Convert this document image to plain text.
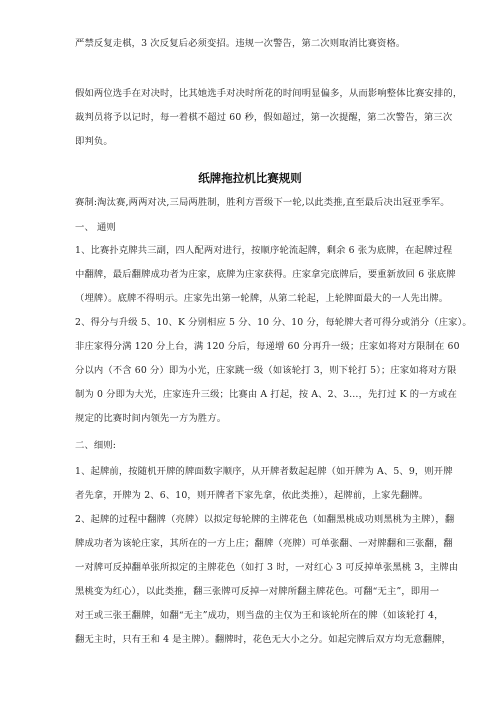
严禁反复走棋，3 次反复后必须变招。违规一次警告，第二次则取消比赛资格。
假如两位选手在对决时，比其她选手对决时所花的时间明显偏多，从而影响整体比赛安排的，
裁判员将予以记时，每一着棋不超过 60 秒，假如超过，第一次提醒，第二次警告，第三次
即判负。
纸牌拖拉机比赛规则
赛制:淘汰赛,两两对决,三局两胜制，胜利方晋级下一轮,以此类推,直至最后决出冠亚季军。
一、 通则
1、比赛扑克牌共三副，四人配两对进行，按顺序轮流起牌，剩余 6 张为底牌，在起牌过程
中翻牌，最后翻牌成功者为庄家，底牌为庄家获得。庄家拿完底牌后，要重新放回 6 张底牌
（埋牌）。底牌不得明示。庄家先出第一轮牌，从第二轮起，上轮牌面最大的一人先出牌。
2、得分与升级 5、10、K 分别相应 5 分、10 分、10 分，每轮牌大者可得分或消分（庄家）。
非庄家得分满 120 分上台，满 120 分后，每递增 60 分再升一级；庄家如将对方限制在 60
分以内（不含 60 分）即为小光，庄家跳一级（如该轮打 3，则下轮打 5）；庄家如将对方限
制为 0 分即为大光，庄家连升三级；比赛由 A 打起，按 A、2、3…，先打过 K 的一方或在
规定的比赛时间内领先一方为胜方。
二、细则:
1、起牌前，按随机开牌的牌面数字顺序，从开牌者数起起牌（如开牌为 A、5、9，则开牌
者先拿，开牌为 2、6、10，则开牌者下家先拿，依此类推），起牌前，上家先翻牌。
2、起牌的过程中翻牌（亮牌）以拟定每轮牌的主牌花色（如翻黑桃成功则黑桃为主牌），翻
牌成功者为该轮庄家，其所在的一方上庄；翻牌（亮牌）可单张翻、一对牌翻和三张翻，翻
一对牌可反掉翻单张所拟定的主牌花色（如打 3 时，一对红心 3 可反掉单张黑桃 3，主牌由
黑桃变为红心），以此类推，翻三张牌可反掉一对牌所翻主牌花色。可翻“无主”，即用一
对王或三张王翻牌，如翻“无主”成功，则当盘的主仅为王和该轮所在的牌（如该轮打 4，
翻无主时，只有王和 4 是主牌）。翻牌时，花色无大小之分。如起完牌后双方均无意翻牌，
